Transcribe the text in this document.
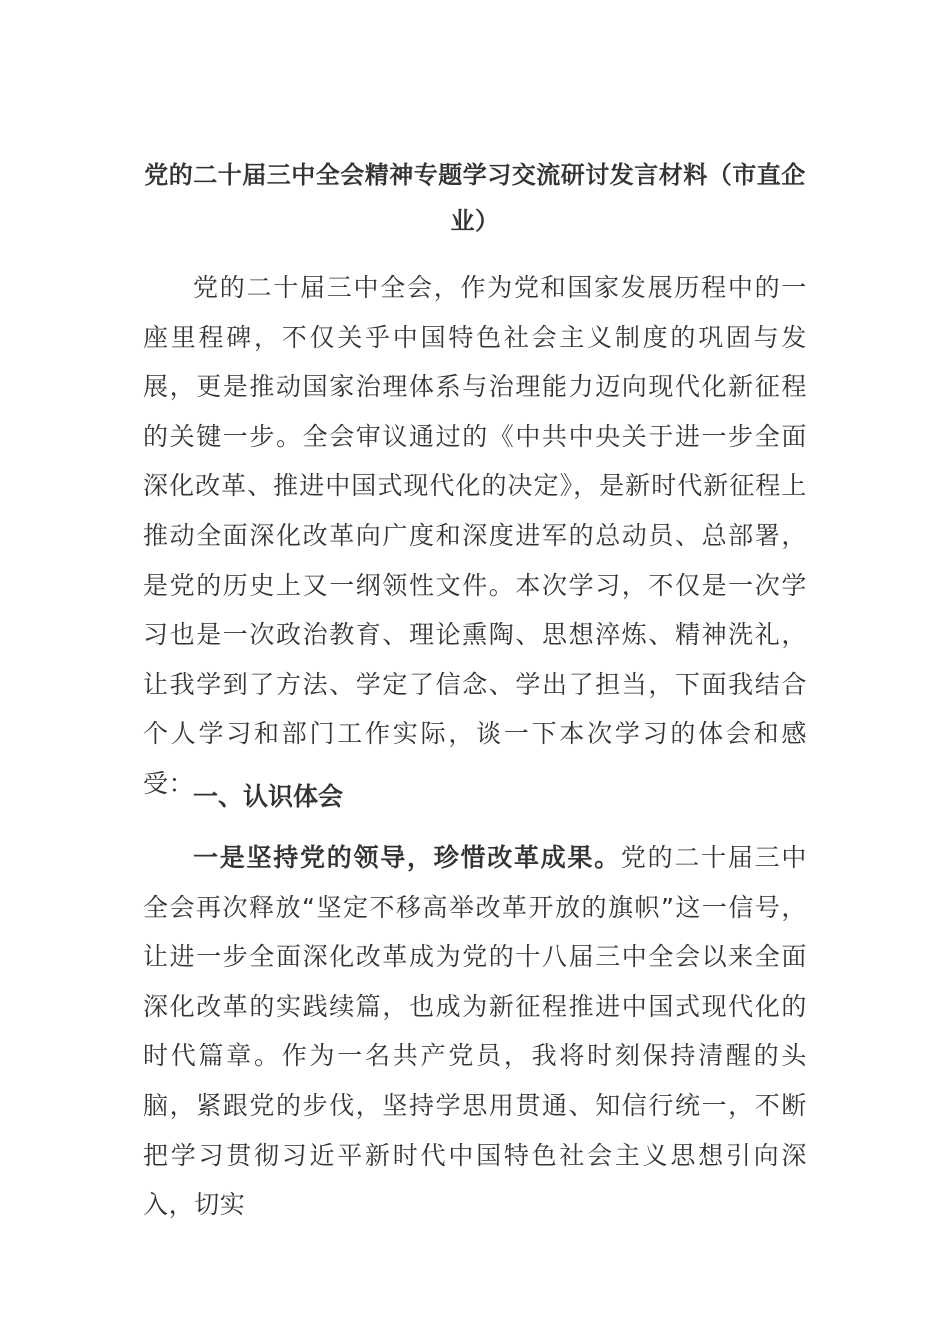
党的二十届三中全会精神专题学习交流研讨发言材料（市直企业）

党的二十届三中全会，作为党和国家发展历程中的一座里程碑，不仅关乎中国特色社会主义制度的巩固与发展，更是推动国家治理体系与治理能力迈向现代化新征程的关键一步。全会审议通过的《中共中央关于进一步全面深化改革、推进中国式现代化的决定》，是新时代新征程上推动全面深化改革向广度和深度进军的总动员、总部署，是党的历史上又一纲领性文件。本次学习，不仅是一次学习也是一次政治教育、理论熏陶、思想淬炼、精神洗礼，让我学到了方法、学定了信念、学出了担当，下面我结合个人学习和部门工作实际，谈一下本次学习的体会和感受：

一、认识体会

一是坚持党的领导，珍惜改革成果。党的二十届三中全会再次释放“坚定不移高举改革开放的旗帜”这一信号，让进一步全面深化改革成为党的十八届三中全会以来全面深化改革的实践续篇，也成为新征程推进中国式现代化的时代篇章。作为一名共产党员，我将时刻保持清醒的头脑，紧跟党的步伐，坚持学思用贯通、知信行统一，不断把学习贯彻习近平新时代中国特色社会主义思想引向深入，切实
